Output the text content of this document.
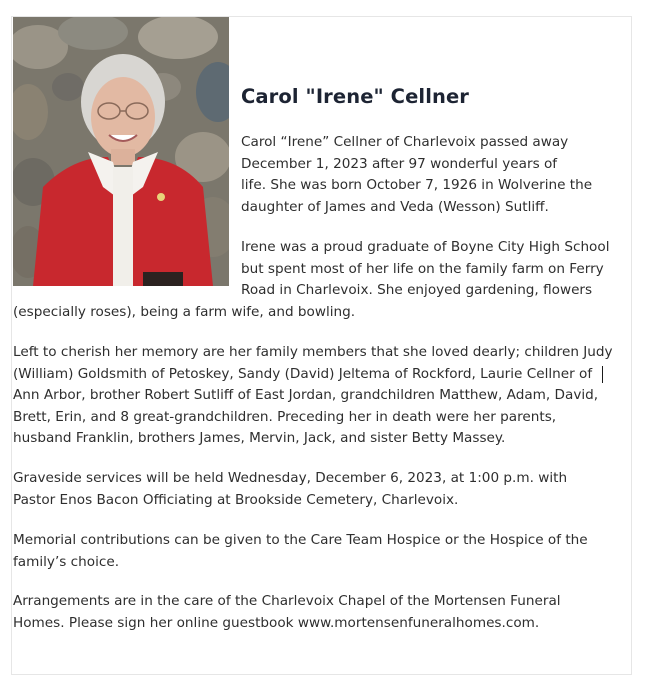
Carol "Irene" Cellner

Carol “Irene” Cellner of Charlevoix passed away
December 1, 2023 after 97 wonderful years of
life. She was born October 7, 1926 in Wolverine the
daughter of James and Veda (Wesson) Sutliff.

Irene was a proud graduate of Boyne City High School
but spent most of her life on the family farm on Ferry
Road in Charlevoix. She enjoyed gardening, flowers
(especially roses), being a farm wife, and bowling.

Left to cherish her memory are her family members that she loved dearly; children Judy
(William) Goldsmith of Petoskey, Sandy (David) Jeltema of Rockford, Laurie Cellner of
Ann Arbor, brother Robert Sutliff of East Jordan, grandchildren Matthew, Adam, David,
Brett, Erin, and 8 great-grandchildren. Preceding her in death were her parents,
husband Franklin, brothers James, Mervin, Jack, and sister Betty Massey.

Graveside services will be held Wednesday, December 6, 2023, at 1:00 p.m. with
Pastor Enos Bacon Officiating at Brookside Cemetery, Charlevoix.

Memorial contributions can be given to the Care Team Hospice or the Hospice of the
family’s choice.

Arrangements are in the care of the Charlevoix Chapel of the Mortensen Funeral
Homes. Please sign her online guestbook www.mortensenfuneralhomes.com.
